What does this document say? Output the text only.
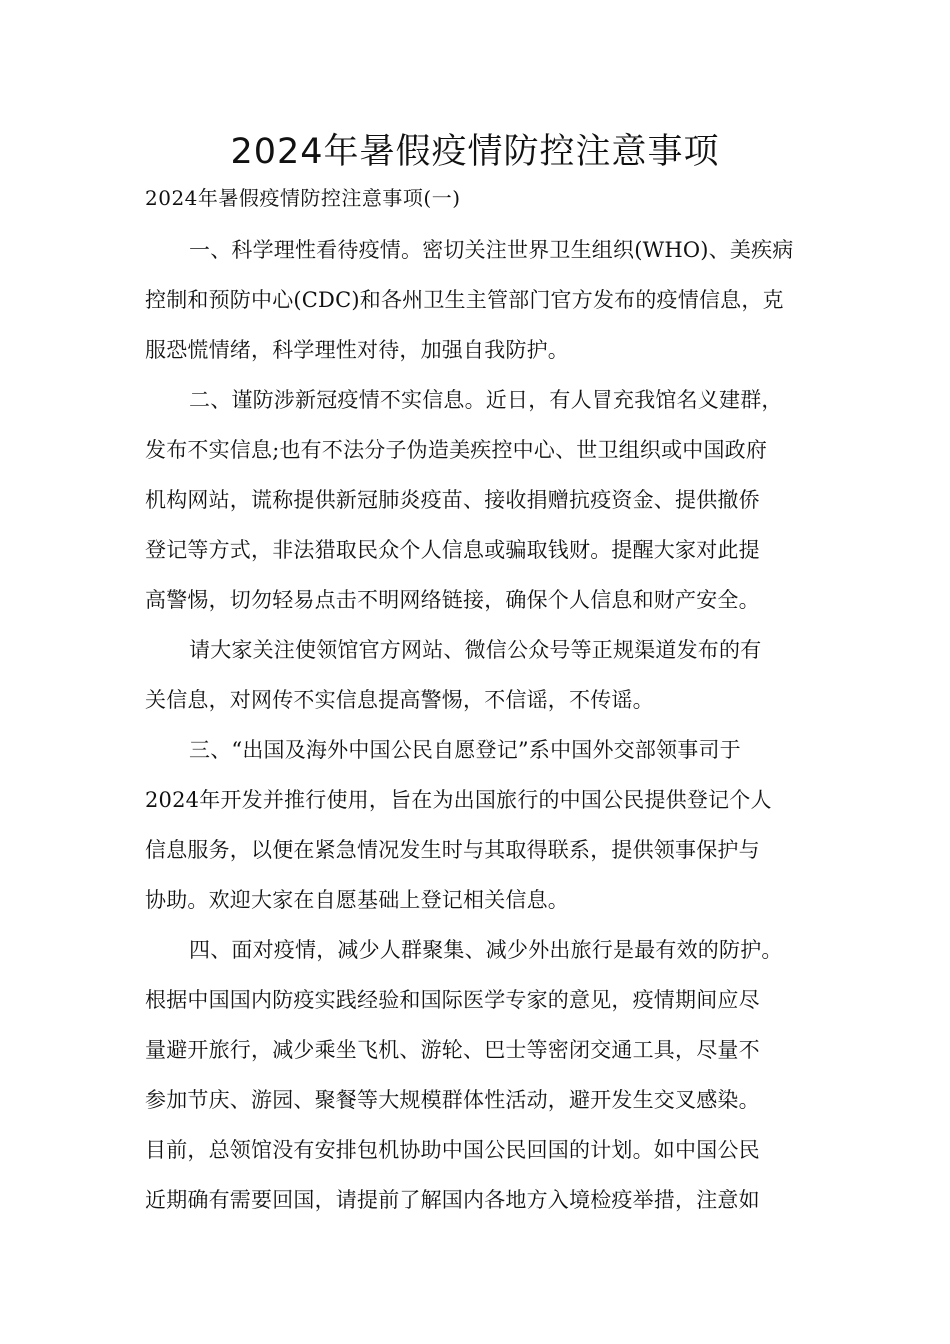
2024年暑假疫情防控注意事项
2024年暑假疫情防控注意事项(一)
一、科学理性看待疫情。密切关注世界卫生组织(WHO)、美疾病
控制和预防中心(CDC)和各州卫生主管部门官方发布的疫情信息，克
服恐慌情绪，科学理性对待，加强自我防护。
二、谨防涉新冠疫情不实信息。近日，有人冒充我馆名义建群，
发布不实信息;也有不法分子伪造美疾控中心、世卫组织或中国政府
机构网站，谎称提供新冠肺炎疫苗、接收捐赠抗疫资金、提供撤侨
登记等方式，非法猎取民众个人信息或骗取钱财。提醒大家对此提
高警惕，切勿轻易点击不明网络链接，确保个人信息和财产安全。
请大家关注使领馆官方网站、微信公众号等正规渠道发布的有
关信息，对网传不实信息提高警惕，不信谣，不传谣。
三、“出国及海外中国公民自愿登记”系中国外交部领事司于
2024年开发并推行使用，旨在为出国旅行的中国公民提供登记个人
信息服务，以便在紧急情况发生时与其取得联系，提供领事保护与
协助。欢迎大家在自愿基础上登记相关信息。
四、面对疫情，减少人群聚集、减少外出旅行是最有效的防护。
根据中国国内防疫实践经验和国际医学专家的意见，疫情期间应尽
量避开旅行，减少乘坐飞机、游轮、巴士等密闭交通工具，尽量不
参加节庆、游园、聚餐等大规模群体性活动，避开发生交叉感染。
目前，总领馆没有安排包机协助中国公民回国的计划。如中国公民
近期确有需要回国，请提前了解国内各地方入境检疫举措，注意如
